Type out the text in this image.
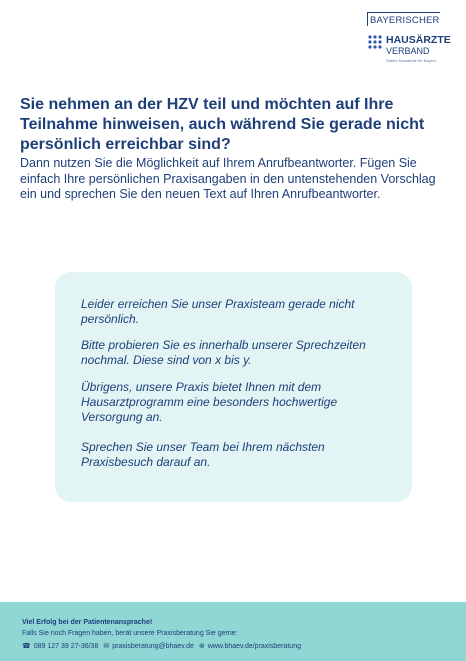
BAYERISCHER
HAUSÄRZTE
VERBAND
Starke Hausärzte für Bayern
Sie nehmen an der HZV teil und möchten auf Ihre Teilnahme hinweisen, auch während Sie gerade nicht persönlich erreichbar sind?

Dann nutzen Sie die Möglichkeit auf Ihrem Anrufbeantworter. Fügen Sie einfach Ihre persönlichen Praxisangaben in den untenstehenden Vorschlag ein und sprechen Sie den neuen Text auf Ihren Anrufbeantworter.

Leider erreichen Sie unser Praxisteam gerade nicht persönlich.

Bitte probieren Sie es innerhalb unserer Sprechzeiten nochmal. Diese sind von x bis y.

Übrigens, unsere Praxis bietet Ihnen mit dem Hausarztprogramm eine besonders hochwertige Versorgung an.

Sprechen Sie unser Team bei Ihrem nächsten Praxisbesuch darauf an.

Viel Erfolg bei der Patientenansprache!
Falls Sie noch Fragen haben, berät unsere Praxisberatung Sie gerne:
☎ 089 127 39 27-36/38 ✉ praxisberatung@bhaev.de ⊕ www.bhaev.de/praxisberatung
